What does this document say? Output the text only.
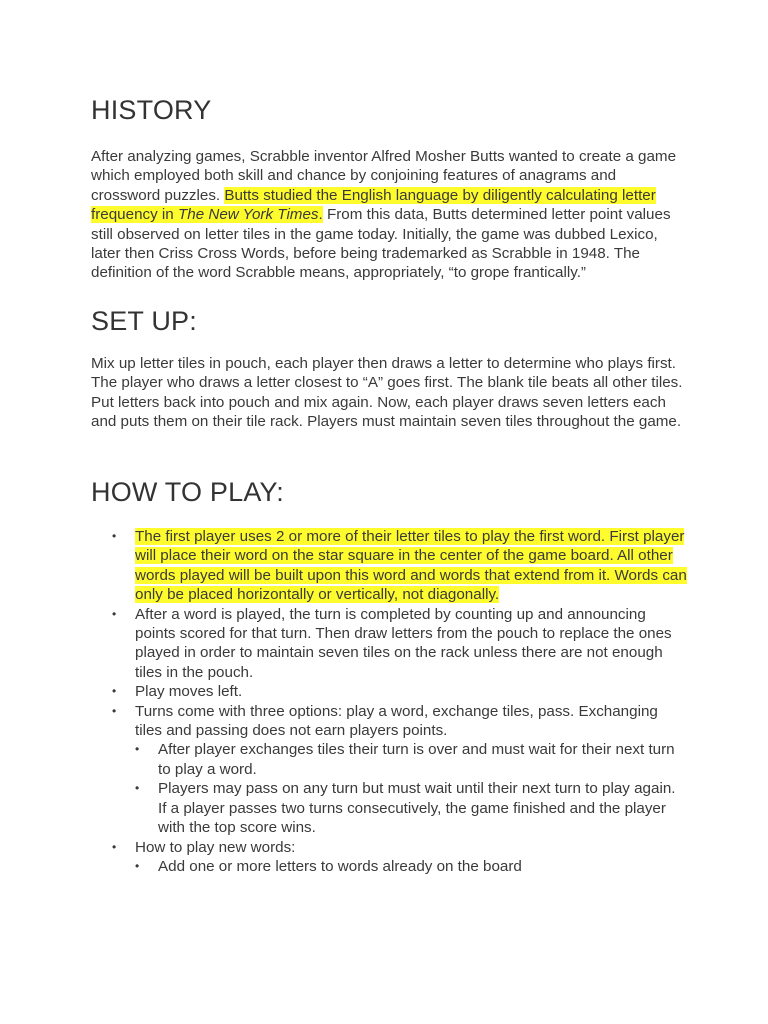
HISTORY

After analyzing games, Scrabble inventor Alfred Mosher Butts wanted to create a game which employed both skill and chance by conjoining features of anagrams and crossword puzzles. Butts studied the English language by diligently calculating letter frequency in The New York Times. From this data, Butts determined letter point values still observed on letter tiles in the game today. Initially, the game was dubbed Lexico, later then Criss Cross Words, before being trademarked as Scrabble in 1948. The definition of the word Scrabble means, appropriately, “to grope frantically.”

SET UP:

Mix up letter tiles in pouch, each player then draws a letter to determine who plays first. The player who draws a letter closest to “A” goes first. The blank tile beats all other tiles. Put letters back into pouch and mix again. Now, each player draws seven letters each and puts them on their tile rack. Players must maintain seven tiles throughout the game.

HOW TO PLAY:
• The first player uses 2 or more of their letter tiles to play the first word. First player will place their word on the star square in the center of the game board. All other words played will be built upon this word and words that extend from it. Words can only be placed horizontally or vertically, not diagonally.
• After a word is played, the turn is completed by counting up and announcing points scored for that turn. Then draw letters from the pouch to replace the ones played in order to maintain seven tiles on the rack unless there are not enough tiles in the pouch.
• Play moves left.
• Turns come with three options: play a word, exchange tiles, pass. Exchanging tiles and passing does not earn players points.
• After player exchanges tiles their turn is over and must wait for their next turn to play a word.
• Players may pass on any turn but must wait until their next turn to play again. If a player passes two turns consecutively, the game finished and the player with the top score wins.
• How to play new words:
• Add one or more letters to words already on the board
